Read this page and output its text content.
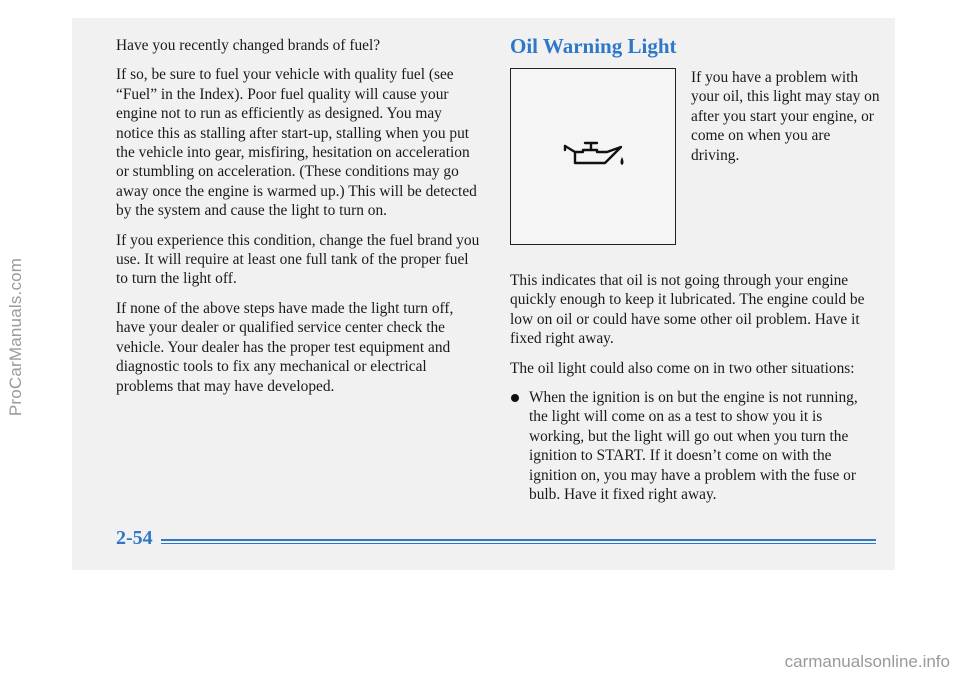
Have you recently changed brands of fuel?

If so, be sure to fuel your vehicle with quality fuel (see “Fuel” in the Index). Poor fuel quality will cause your engine not to run as efficiently as designed. You may notice this as stalling after start-up, stalling when you put the vehicle into gear, misfiring, hesitation on acceleration or stumbling on acceleration. (These conditions may go away once the engine is warmed up.) This will be detected by the system and cause the light to turn on.

If you experience this condition, change the fuel brand you use. It will require at least one full tank of the proper fuel to turn the light off.

If none of the above steps have made the light turn off, have your dealer or qualified service center check the vehicle. Your dealer has the proper test equipment and diagnostic tools to fix any mechanical or electrical problems that may have developed.

Oil Warning Light

If you have a problem with your oil, this light may stay on after you start your engine, or come on when you are driving.

This indicates that oil is not going through your engine quickly enough to keep it lubricated. The engine could be low on oil or could have some other oil problem. Have it fixed right away.

The oil light could also come on in two other situations:

When the ignition is on but the engine is not running, the light will come on as a test to show you it is working, but the light will go out when you turn the ignition to START. If it doesn’t come on with the ignition on, you may have a problem with the fuse or bulb. Have it fixed right away.
2-54
ProCarManuals.com
carmanualsonline.info
